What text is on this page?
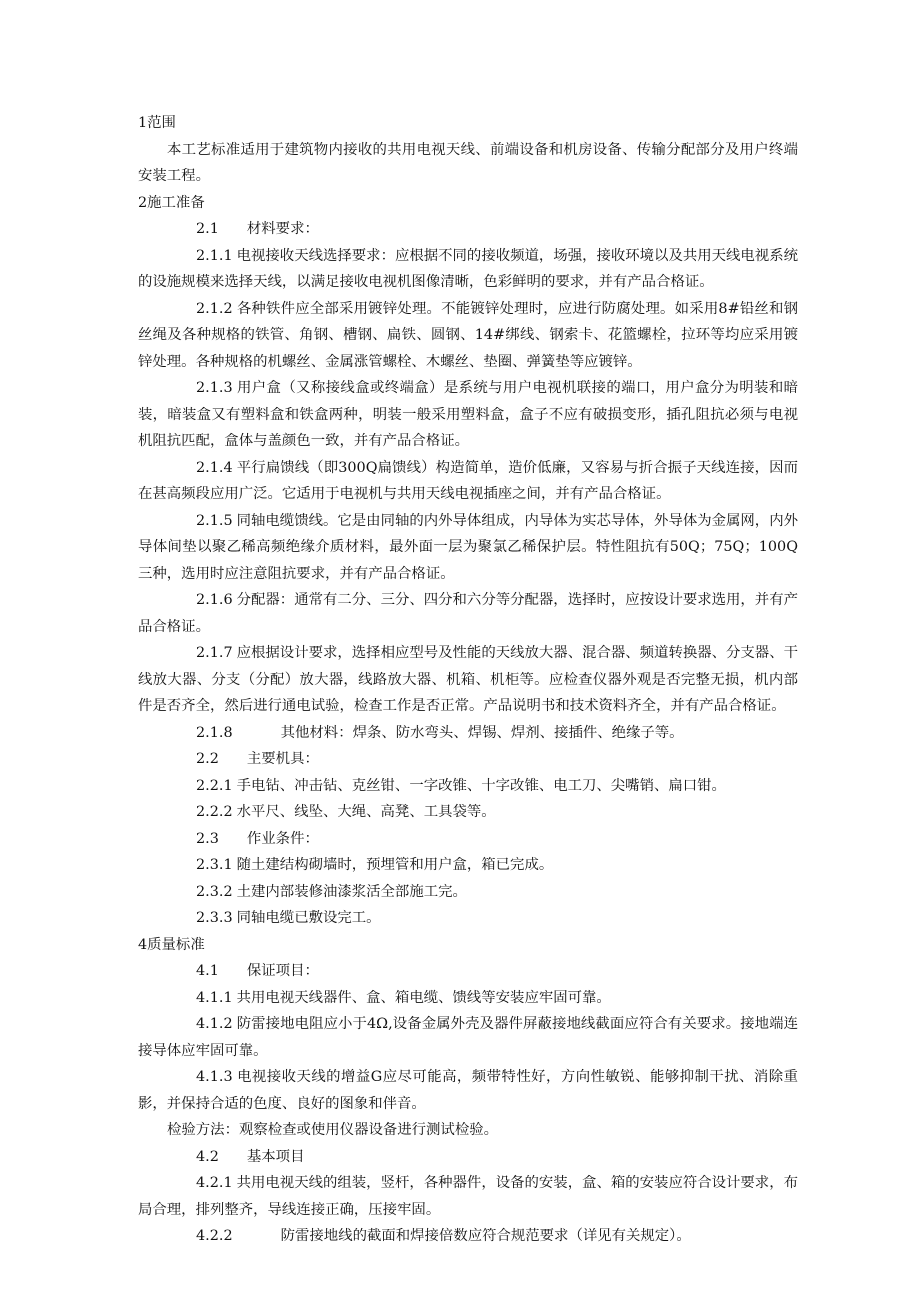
1范围

本工艺标准适用于建筑物内接收的共用电视天线、前端设备和机房设备、传输分配部分及用户终端安装工程。

2施工准备

2.1 材料要求：

2.1.1 电视接收天线选择要求：应根据不同的接收频道，场强，接收环境以及共用天线电视系统的设施规模来选择天线，以满足接收电视机图像清晰，色彩鲜明的要求，并有产品合格证。

2.1.2 各种铁件应全部采用镀锌处理。不能镀锌处理时，应进行防腐处理。如采用8#铅丝和钢丝绳及各种规格的铁管、角钢、槽钢、扁铁、圆钢、14#绑线、钢索卡、花篮螺栓，拉环等均应采用镀锌处理。各种规格的机螺丝、金属涨管螺栓、木螺丝、垫圈、弹簧垫等应镀锌。

2.1.3 用户盒（又称接线盒或终端盒）是系统与用户电视机联接的端口，用户盒分为明装和暗装，暗装盒又有塑料盒和铁盒两种，明装一般采用塑料盒，盒子不应有破损变形，插孔阻抗必须与电视机阻抗匹配，盒体与盖颜色一致，并有产品合格证。

2.1.4 平行扁馈线（即300Q扁馈线）构造简单，造价低廉，又容易与折合振子天线连接，因而在甚高频段应用广泛。它适用于电视机与共用天线电视插座之间，并有产品合格证。

2.1.5 同轴电缆馈线。它是由同轴的内外导体组成，内导体为实芯导体，外导体为金属网，内外导体间垫以聚乙稀高频绝缘介质材料，最外面一层为聚氯乙稀保护层。特性阻抗有50Q；75Q；100Q三种，选用时应注意阻抗要求，并有产品合格证。

2.1.6 分配器：通常有二分、三分、四分和六分等分配器，选择时，应按设计要求选用，并有产品合格证。

2.1.7 应根据设计要求，选择相应型号及性能的天线放大器、混合器、频道转换器、分支器、干线放大器、分支（分配）放大器，线路放大器、机箱、机柜等。应检查仪器外观是否完整无损，机内部件是否齐全，然后进行通电试验，检查工作是否正常。产品说明书和技术资料齐全，并有产品合格证。

2.1.8	其他材料：焊条、防水弯头、焊锡、焊剂、接插件、绝缘子等。

2.2 主要机具：

2.2.1 手电钻、冲击钻、克丝钳、一字改锥、十字改锥、电工刀、尖嘴销、扁口钳。

2.2.2 水平尺、线坠、大绳、高凳、工具袋等。

2.3 作业条件：

2.3.1 随土建结构砌墙时，预埋管和用户盒，箱已完成。

2.3.2 土建内部装修油漆浆活全部施工完。

2.3.3 同轴电缆已敷设完工。

4质量标准

4.1 保证项目：

4.1.1 共用电视天线器件、盒、箱电缆、馈线等安装应牢固可靠。

4.1.2 防雷接地电阻应小于4Ω,设备金属外壳及器件屏蔽接地线截面应符合有关要求。接地端连接导体应牢固可靠。

4.1.3 电视接收天线的增益G应尽可能高，频带特性好，方向性敏锐、能够抑制干扰、消除重影，并保持合适的色度、良好的图象和伴音。

检验方法：观察检查或使用仪器设备进行测试检验。

4.2 基本项目

4.2.1 共用电视天线的组装，竖杆，各种器件，设备的安装，盒、箱的安装应符合设计要求，布局合理，排列整齐，导线连接正确，压接牢固。

4.2.2	防雷接地线的截面和焊接倍数应符合规范要求（详见有关规定）。
